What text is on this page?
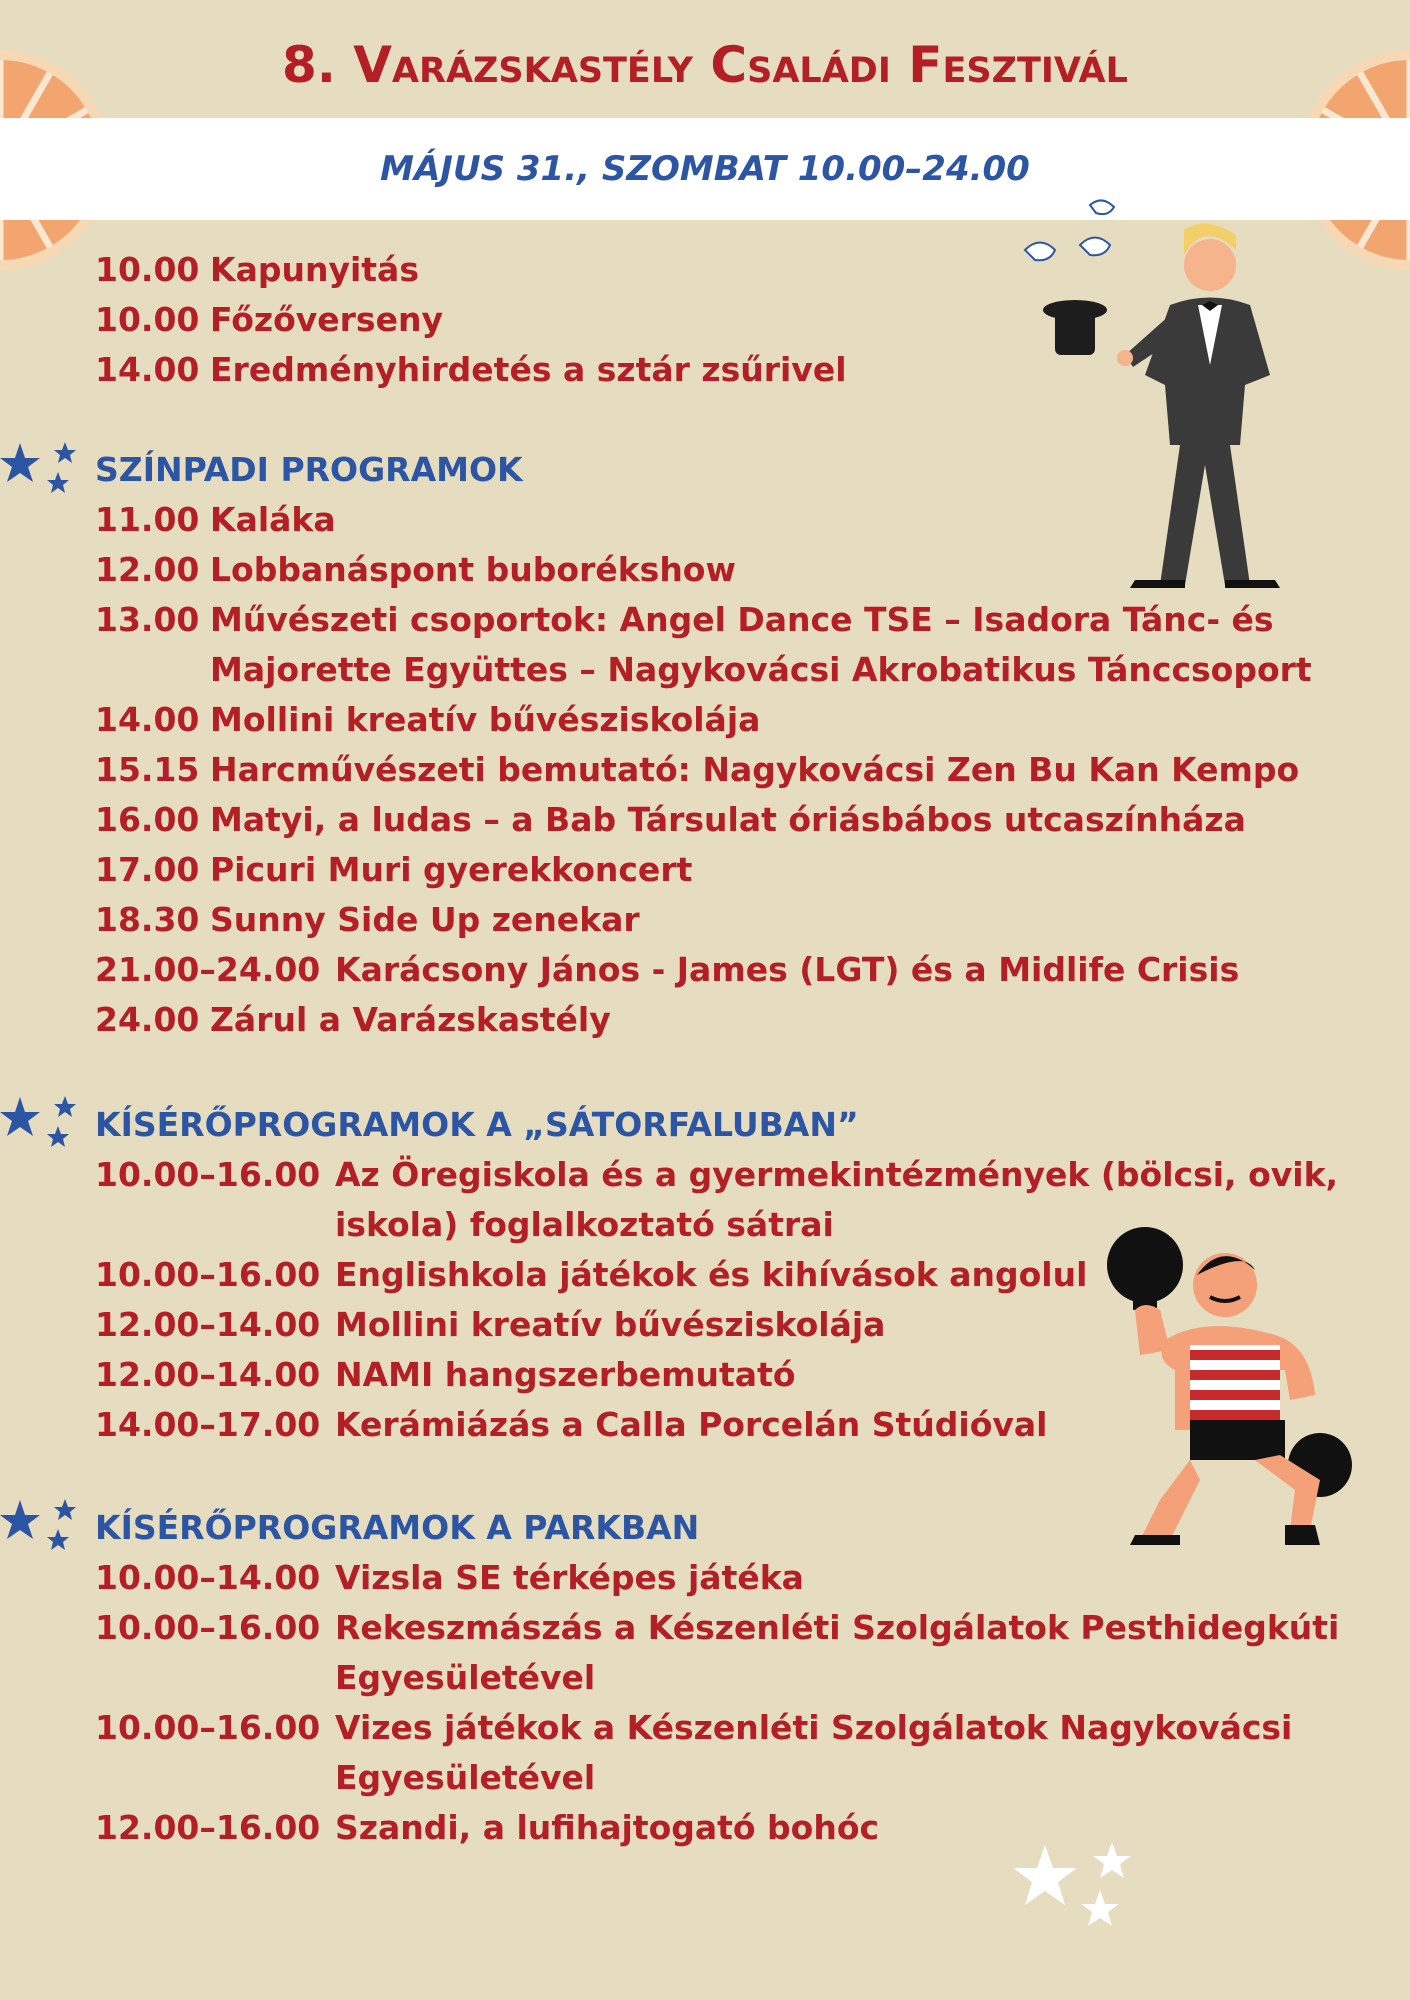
MÁJUS 31., SZOMBAT 10.00–24.00
8. Varázskastély Családi Fesztivál
10.00 Kapunyitás
10.00 Főzőverseny
14.00 Eredményhirdetés a sztár zsűrivel
SZÍNPADI PROGRAMOK
11.00 Kaláka
12.00 Lobbanáspont buborékshow
13.00 Művészeti csoportok: Angel Dance TSE – Isadora Tánc- és
Majorette Együttes – Nagykovácsi Akrobatikus Tánccsoport
14.00 Mollini kreatív bűvésziskolája
15.15 Harcművészeti bemutató: Nagykovácsi Zen Bu Kan Kempo
16.00 Matyi, a ludas – a Bab Társulat óriásbábos utcaszínháza
17.00 Picuri Muri gyerekkoncert
18.30 Sunny Side Up zenekar
21.00–24.00 Karácsony János - James (LGT) és a Midlife Crisis
24.00 Zárul a Varázskastély
KÍSÉRŐPROGRAMOK A „SÁTORFALUBAN”
10.00–16.00 Az Öregiskola és a gyermekintézmények (bölcsi, ovik,
iskola) foglalkoztató sátrai
10.00–16.00 Englishkola játékok és kihívások angolul
12.00–14.00 Mollini kreatív bűvésziskolája
12.00–14.00 NAMI hangszerbemutató
14.00–17.00 Kerámiázás a Calla Porcelán Stúdióval
KÍSÉRŐPROGRAMOK A PARKBAN
10.00–14.00 Vizsla SE térképes játéka
10.00–16.00 Rekeszmászás a Készenléti Szolgálatok Pesthidegkúti
Egyesületével
10.00–16.00 Vizes játékok a Készenléti Szolgálatok Nagykovácsi
Egyesületével
12.00–16.00 Szandi, a lufihajtogató bohóc
